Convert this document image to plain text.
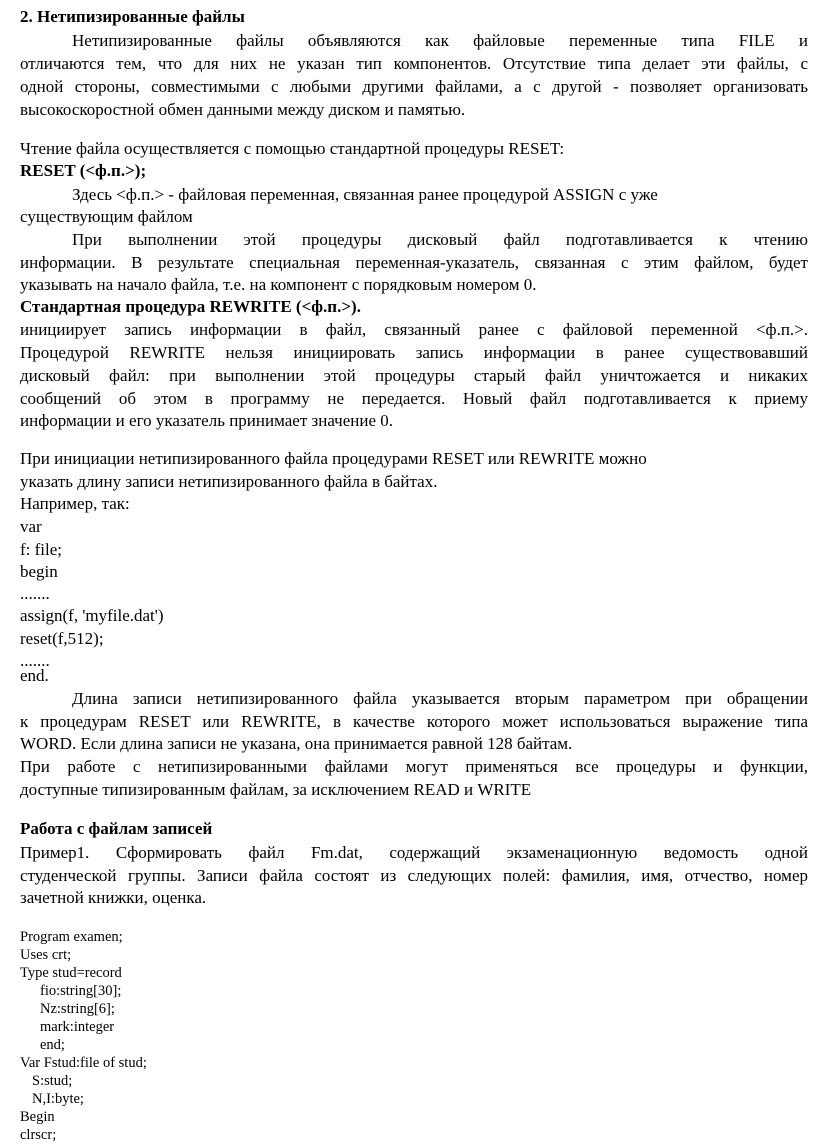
2. Нетипизированные файлы
Нетипизированные файлы объявляются как файловые переменные типа FILE и
отличаются тем, что для них не указан тип компонентов. Отсутствие типа делает эти файлы, с
одной стороны, совместимыми с любыми другими файлами, а с другой - позволяет организовать
высокоскоростной обмен данными между диском и памятью.
Чтение файла осуществляется с помощью стандартной процедуры RESET:
RESET (<ф.п.>);
Здесь <ф.п.> - файловая переменная, связанная ранее процедурой ASSIGN с уже
существующим файлом
При выполнении этой процедуры дисковый файл подготавливается к чтению
информации. В результате специальная переменная-указатель, связанная с этим файлом, будет
указывать на начало файла, т.е. на компонент с порядковым номером 0.
Стандартная процедура REWRITE (<ф.п.>).
инициирует запись информации в файл, связанный ранее с файловой переменной <ф.п.>.
Процедурой REWRITE нельзя инициировать запись информации в ранее существовавший
дисковый файл: при выполнении этой процедуры старый файл уничтожается и никаких
сообщений об этом в программу не передается. Новый файл подготавливается к приему
информации и его указатель принимает значение 0.
При инициации нетипизированного файла процедурами RESET или REWRITE можно
указать длину записи нетипизированного файла в байтах.
Например, так:
var
f: file;
begin
.......
assign(f, 'myfile.dat')
reset(f,512);
.......
end.
Длина записи нетипизированного файла указывается вторым параметром при обращении
к процедурам RESET или REWRITE, в качестве которого может использоваться выражение типа
WORD. Если длина записи не указана, она принимается равной 128 байтам.
При работе с нетипизированными файлами могут применяться все процедуры и функции,
доступные типизированным файлам, за исключением READ и WRITE
Работа с файлам записей
Пример1. Сформировать файл Fm.dat, содержащий экзаменационную ведомость одной
студенческой группы. Записи файла состоят из следующих полей: фамилия, имя, отчество, номер
зачетной книжки, оценка.
Program examen;
Uses crt;
Type stud=record
fio:string[30];
Nz:string[6];
mark:integer
end;
Var Fstud:file of stud;
S:stud;
N,I:byte;
Begin
clrscr;
